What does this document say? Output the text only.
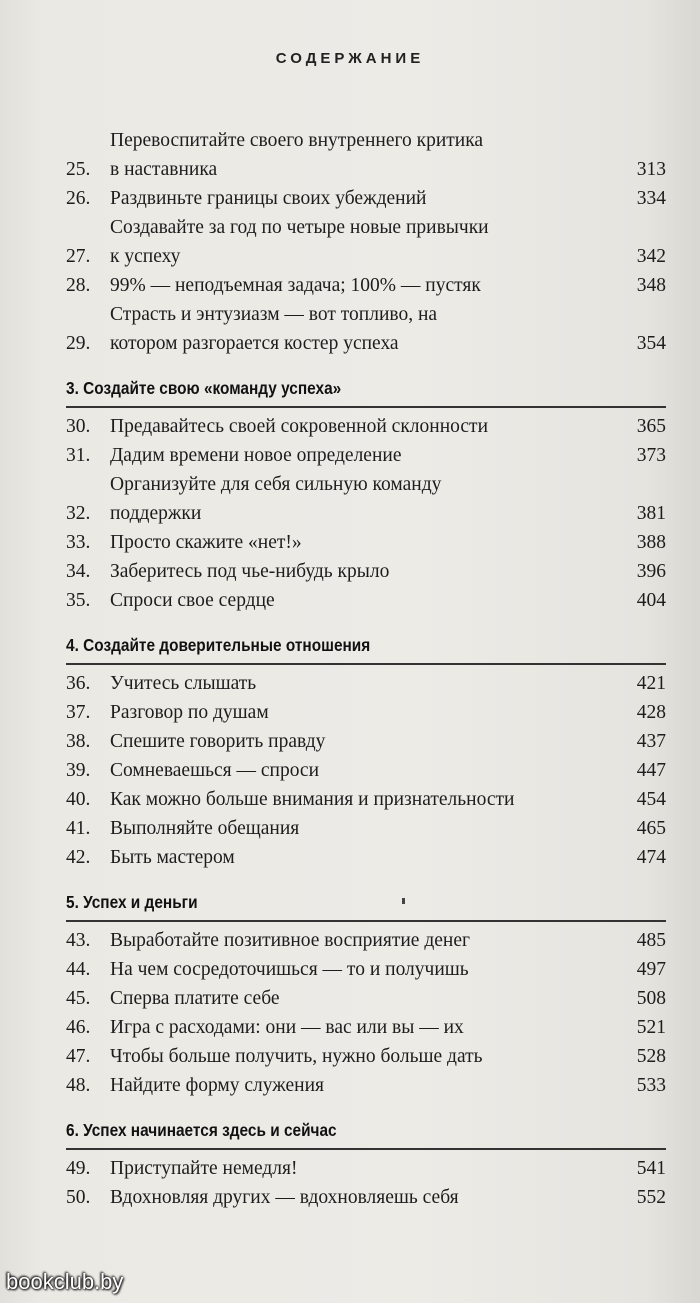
СОДЕРЖАНИЕ
25.
Перевоспитайте своего внутреннего критика
в наставника	313
26.	Раздвиньте границы своих убеждений	334
27.
Создавайте за год по четыре новые привычки
к успеху	342
28.	99% — неподъемная задача; 100% — пустяк	348
29.
Страсть и энтузиазм — вот топливо, на
котором разгорается костер успеха	354
3. Создайте свою «команду успеха»
30.	Предавайтесь своей сокровенной склонности	365
31.	Дадим времени новое определение	373
32.
Организуйте для себя сильную команду
поддержки	381
33.	Просто скажите «нет!»	388
34.	Заберитесь под чье-нибудь крыло	396
35.	Спроси свое сердце	404
4. Создайте доверительные отношения
36.	Учитесь слышать	421
37.	Разговор по душам	428
38.	Спешите говорить правду	437
39.	Сомневаешься — спроси	447
40.	Как можно больше внимания и признательности	454
41.	Выполняйте обещания	465
42.	Быть мастером	474
5. Успех и деньги
43.	Выработайте позитивное восприятие денег	485
44.	На чем сосредоточишься — то и получишь	497
45.	Сперва платите себе	508
46.	Игра с расходами: они — вас или вы — их	521
47.	Чтобы больше получить, нужно больше дать	528
48.	Найдите форму служения	533
6. Успех начинается здесь и сейчас
49.	Приступайте немедля!	541
50.	Вдохновляя других — вдохновляешь себя	552
bookclub.by
